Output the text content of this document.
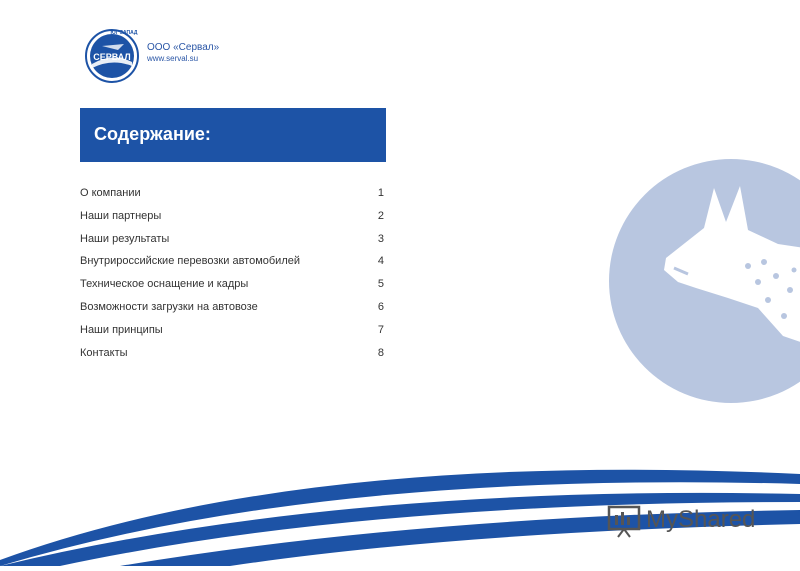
СЕРВАЛ
ЮГ ЗАПАД
ООО «Сервал»
www.serval.su
Содержание:
О компании	1
Наши партнеры	2
Наши результаты	3
Внутрироссийские перевозки автомобилей	4
Техническое оснащение и кадры	5
Возможности загрузки на автовозе	6
Наши принципы	7
Контакты	8
MyShared
